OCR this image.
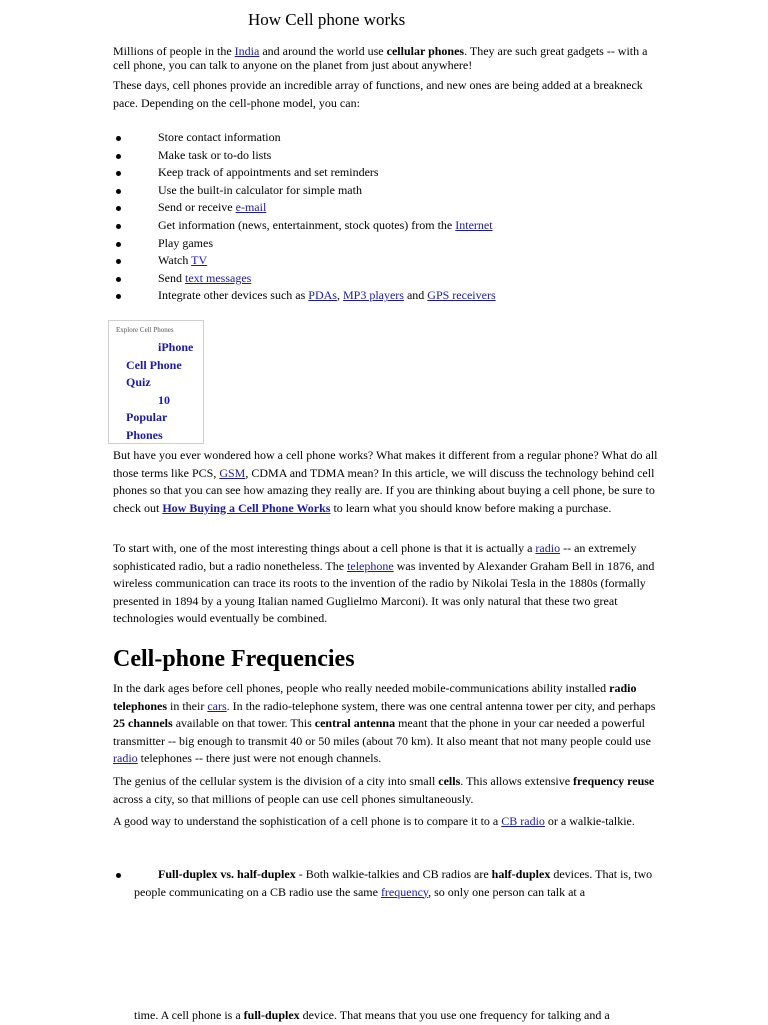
How Cell phone works

Millions of people in the India and around the world use cellular phones. They are such great gadgets -- with a cell phone, you can talk to anyone on the planet from just about anywhere!

These days, cell phones provide an incredible array of functions, and new ones are being added at a breakneck pace. Depending on the cell-phone model, you can:

Store contact information
Make task or to-do lists
Keep track of appointments and set reminders
Use the built-in calculator for simple math
Send or receive e-mail
Get information (news, entertainment, stock quotes) from the Internet
Play games
Watch TV
Send text messages
Integrate other devices such as PDAs, MP3 players and GPS receivers
Explore Cell Phones
iPhone Cell Phone Quiz
10 Popular Phones

But have you ever wondered how a cell phone works? What makes it different from a regular phone? What do all those terms like PCS, GSM, CDMA and TDMA mean? In this article, we will discuss the technology behind cell phones so that you can see how amazing they really are. If you are thinking about buying a cell phone, be sure to check out How Buying a Cell Phone Works to learn what you should know before making a purchase.

To start with, one of the most interesting things about a cell phone is that it is actually a radio -- an extremely sophisticated radio, but a radio nonetheless. The telephone was invented by Alexander Graham Bell in 1876, and wireless communication can trace its roots to the invention of the radio by Nikolai Tesla in the 1880s (formally presented in 1894 by a young Italian named Guglielmo Marconi). It was only natural that these two great technologies would eventually be combined.

Cell-phone Frequencies

In the dark ages before cell phones, people who really needed mobile-communications ability installed radio telephones in their cars. In the radio-telephone system, there was one central antenna tower per city, and perhaps 25 channels available on that tower. This central antenna meant that the phone in your car needed a powerful transmitter -- big enough to transmit 40 or 50 miles (about 70 km). It also meant that not many people could use radio telephones -- there just were not enough channels.

The genius of the cellular system is the division of a city into small cells. This allows extensive frequency reuse across a city, so that millions of people can use cell phones simultaneously.

A good way to understand the sophistication of a cell phone is to compare it to a CB radio or a walkie-talkie.

Full-duplex vs. half-duplex - Both walkie-talkies and CB radios are half-duplex devices. That is, two people communicating on a CB radio use the same frequency, so only one person can talk at a

time. A cell phone is a full-duplex device. That means that you use one frequency for talking and a
